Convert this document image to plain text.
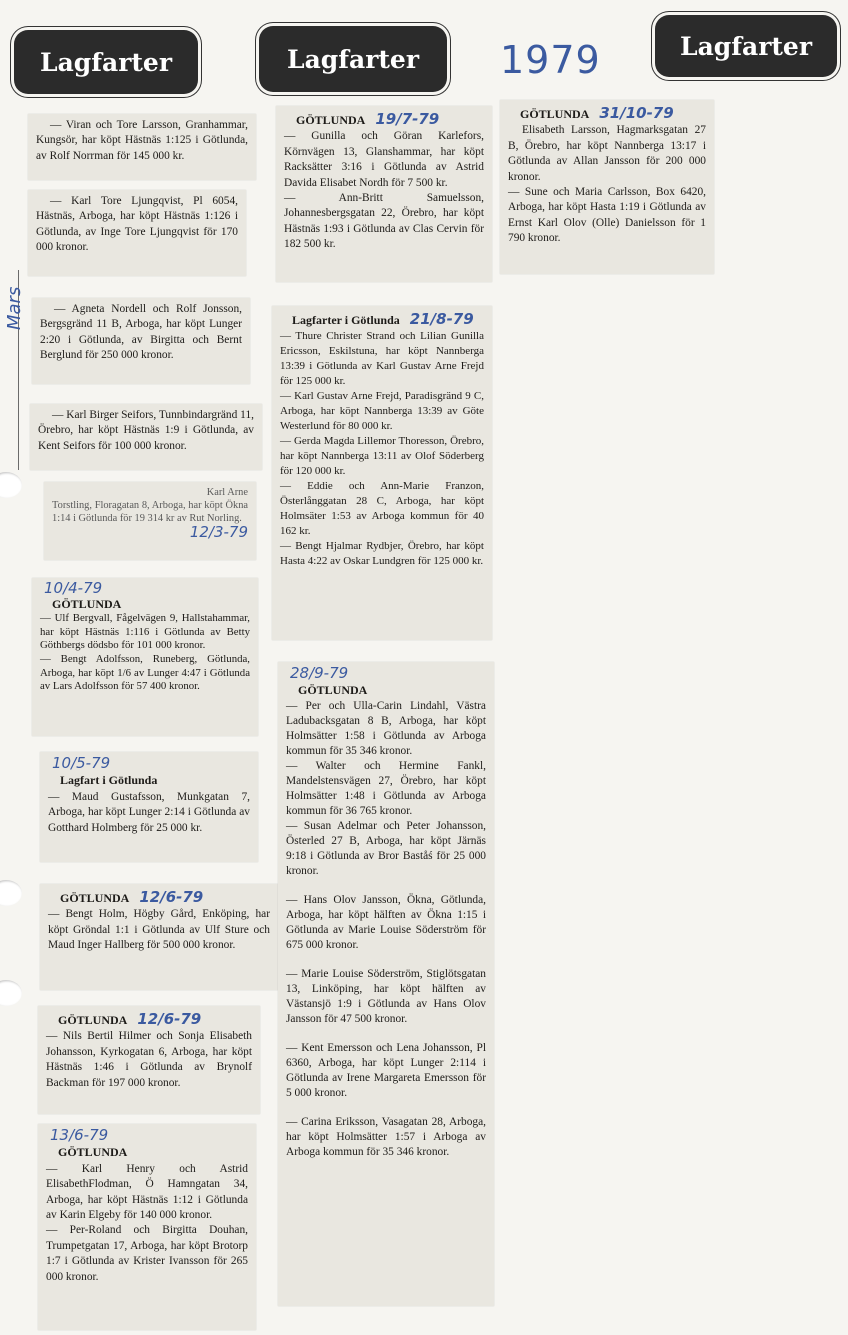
Mars
Lagfarter	Lagfarter	Lagfarter
1979

— Viran och Tore Larsson, Granhammar, Kungsör, har köpt Hästnäs 1:125 i Götlunda, av Rolf Norrman för 145 000 kr.

— Karl Tore Ljungqvist, Pl 6054, Hästnäs, Arboga, har köpt Hästnäs 1:126 i Götlunda, av Inge Tore Ljungqvist för 170 000 kronor.

— Agneta Nordell och Rolf Jonsson, Bergsgränd 11 B, Arboga, har köpt Lunger 2:20 i Götlunda, av Birgitta och Bernt Berglund för 250 000 kronor.

— Karl Birger Seifors, Tunnbindargränd 11, Örebro, har köpt Hästnäs 1:9 i Götlunda, av Kent Seifors för 100 000 kronor.

Karl Arne

Torstling, Floragatan 8, Arboga, har köpt Ökna 1:14 i Götlunda för 19 314 kr av Rut Norling.

12/3-79

10/4-79
GÖTLUNDA

— Ulf Bergvall, Fågelvägen 9, Hallstahammar, har köpt Hästnäs 1:116 i Götlunda av Betty Göthbergs dödsbo för 101 000 kronor.

— Bengt Adolfsson, Runeberg, Götlunda, Arboga, har köpt 1/6 av Lunger 4:47 i Götlunda av Lars Adolfsson för 57 400 kronor.

10/5-79
Lagfart i Götlunda

— Maud Gustafsson, Munkgatan 7, Arboga, har köpt Lunger 2:14 i Götlunda av Gotthard Holmberg för 25 000 kr.

GÖTLUNDA 12/6-79

— Bengt Holm, Högby Gård, Enköping, har köpt Gröndal 1:1 i Götlunda av Ulf Sture och Maud Inger Hallberg för 500 000 kronor.

GÖTLUNDA 12/6-79

— Nils Bertil Hilmer och Sonja Elisabeth Johansson, Kyrkogatan 6, Arboga, har köpt Hästnäs 1:46 i Götlunda av Brynolf Backman för 197 000 kronor.

13/6-79
GÖTLUNDA

— Karl Henry och Astrid ElisabethFlodman, Ö Hamngatan 34, Arboga, har köpt Hästnäs 1:12 i Götlunda av Karin Elgeby för 140 000 kronor.

— Per-Roland och Birgitta Douhan, Trumpetgatan 17, Arboga, har köpt Brotorp 1:7 i Götlunda av Krister Ivansson för 265 000 kronor.

GÖTLUNDA 19/7-79

— Gunilla och Göran Karlefors, Körnvägen 13, Glanshammar, har köpt Racksätter 3:16 i Götlunda av Astrid Davida Elisabet Nordh för 7 500 kr.

— Ann-Britt Samuelsson, Johannesbergsgatan 22, Örebro, har köpt Hästnäs 1:93 i Götlunda av Clas Cervin för 182 500 kr.

Lagfarter i Götlunda 21/8-79

— Thure Christer Strand och Lilian Gunilla Ericsson, Eskilstuna, har köpt Nannberga 13:39 i Götlunda av Karl Gustav Arne Frejd för 125 000 kr.

— Karl Gustav Arne Frejd, Paradisgränd 9 C, Arboga, har köpt Nannberga 13:39 av Göte Westerlund för 80 000 kr.

— Gerda Magda Lillemor Thoresson, Örebro, har köpt Nannberga 13:11 av Olof Söderberg för 120 000 kr.

— Eddie och Ann-Marie Franzon, Österlånggatan 28 C, Arboga, har köpt Holmsäter 1:53 av Arboga kommun för 40 162 kr.

— Bengt Hjalmar Rydbjer, Örebro, har köpt Hasta 4:22 av Oskar Lundgren för 125 000 kr.

28/9-79
GÖTLUNDA

— Per och Ulla-Carin Lindahl, Västra Ladubacksgatan 8 B, Arboga, har köpt Holmsätter 1:58 i Götlunda av Arboga kommun för 35 346 kronor.

— Walter och Hermine Fankl, Mandelstensvägen 27, Örebro, har köpt Holmsätter 1:48 i Götlunda av Arboga kommun för 36 765 kronor.

— Susan Adelmar och Peter Johansson, Österled 27 B, Arboga, har köpt Järnäs 9:18 i Götlunda av Bror Baståś för 25 000 kronor.

— Hans Olov Jansson, Ökna, Götlunda, Arboga, har köpt hälften av Ökna 1:15 i Götlunda av Marie Louise Söderström för 675 000 kronor.

— Marie Louise Söderström, Stiglötsgatan 13, Linköping, har köpt hälften av Västansjö 1:9 i Götlunda av Hans Olov Jansson för 47 500 kronor.

— Kent Emersson och Lena Johansson, Pl 6360, Arboga, har köpt Lunger 2:114 i Götlunda av Irene Margareta Emersson för 5 000 kronor.

— Carina Eriksson, Vasagatan 28, Arboga, har köpt Holmsätter 1:57 i Arboga av Arboga kommun för 35 346 kronor.

GÖTLUNDA 31/10-79

Elisabeth Larsson, Hagmarksgatan 27 B, Örebro, har köpt Nannberga 13:17 i Götlunda av Allan Jansson för 200 000 kronor.

— Sune och Maria Carlsson, Box 6420, Arboga, har köpt Hasta 1:19 i Götlunda av Ernst Karl Olov (Olle) Danielsson för 1 790 kronor.
